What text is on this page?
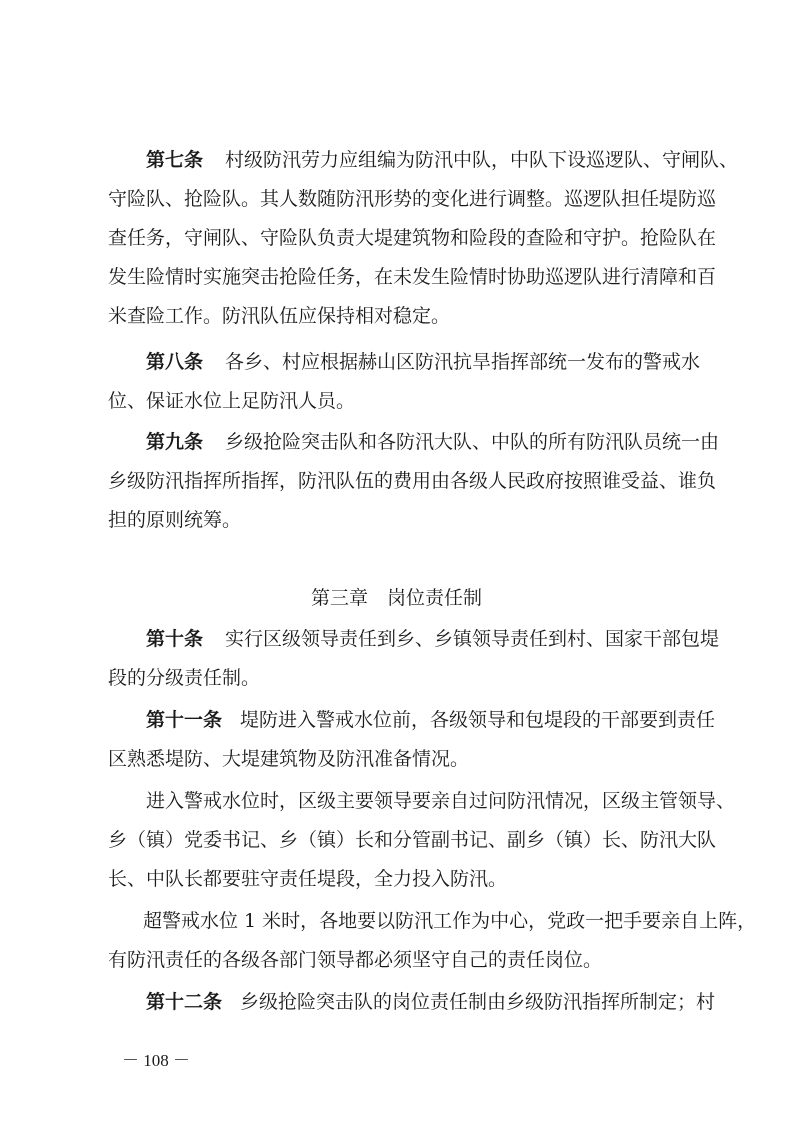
第七条 村级防汛劳力应组编为防汛中队，中队下设巡逻队、守闸队、
守险队、抢险队。其人数随防汛形势的变化进行调整。巡逻队担任堤防巡
查任务，守闸队、守险队负责大堤建筑物和险段的查险和守护。抢险队在
发生险情时实施突击抢险任务，在未发生险情时协助巡逻队进行清障和百
米查险工作。防汛队伍应保持相对稳定。
第八条 各乡、村应根据赫山区防汛抗旱指挥部统一发布的警戒水
位、保证水位上足防汛人员。
第九条 乡级抢险突击队和各防汛大队、中队的所有防汛队员统一由
乡级防汛指挥所指挥，防汛队伍的费用由各级人民政府按照谁受益、谁负
担的原则统筹。
第三章 岗位责任制
第十条 实行区级领导责任到乡、乡镇领导责任到村、国家干部包堤
段的分级责任制。
第十一条 堤防进入警戒水位前，各级领导和包堤段的干部要到责任
区熟悉堤防、大堤建筑物及防汛准备情况。
进入警戒水位时，区级主要领导要亲自过问防汛情况，区级主管领导、
乡（镇）党委书记、乡（镇）长和分管副书记、副乡（镇）长、防汛大队
长、中队长都要驻守责任堤段，全力投入防汛。
超警戒水位 1 米时，各地要以防汛工作为中心，党政一把手要亲自上阵，
有防汛责任的各级各部门领导都必须坚守自己的责任岗位。
第十二条 乡级抢险突击队的岗位责任制由乡级防汛指挥所制定；村
－ 108 －
